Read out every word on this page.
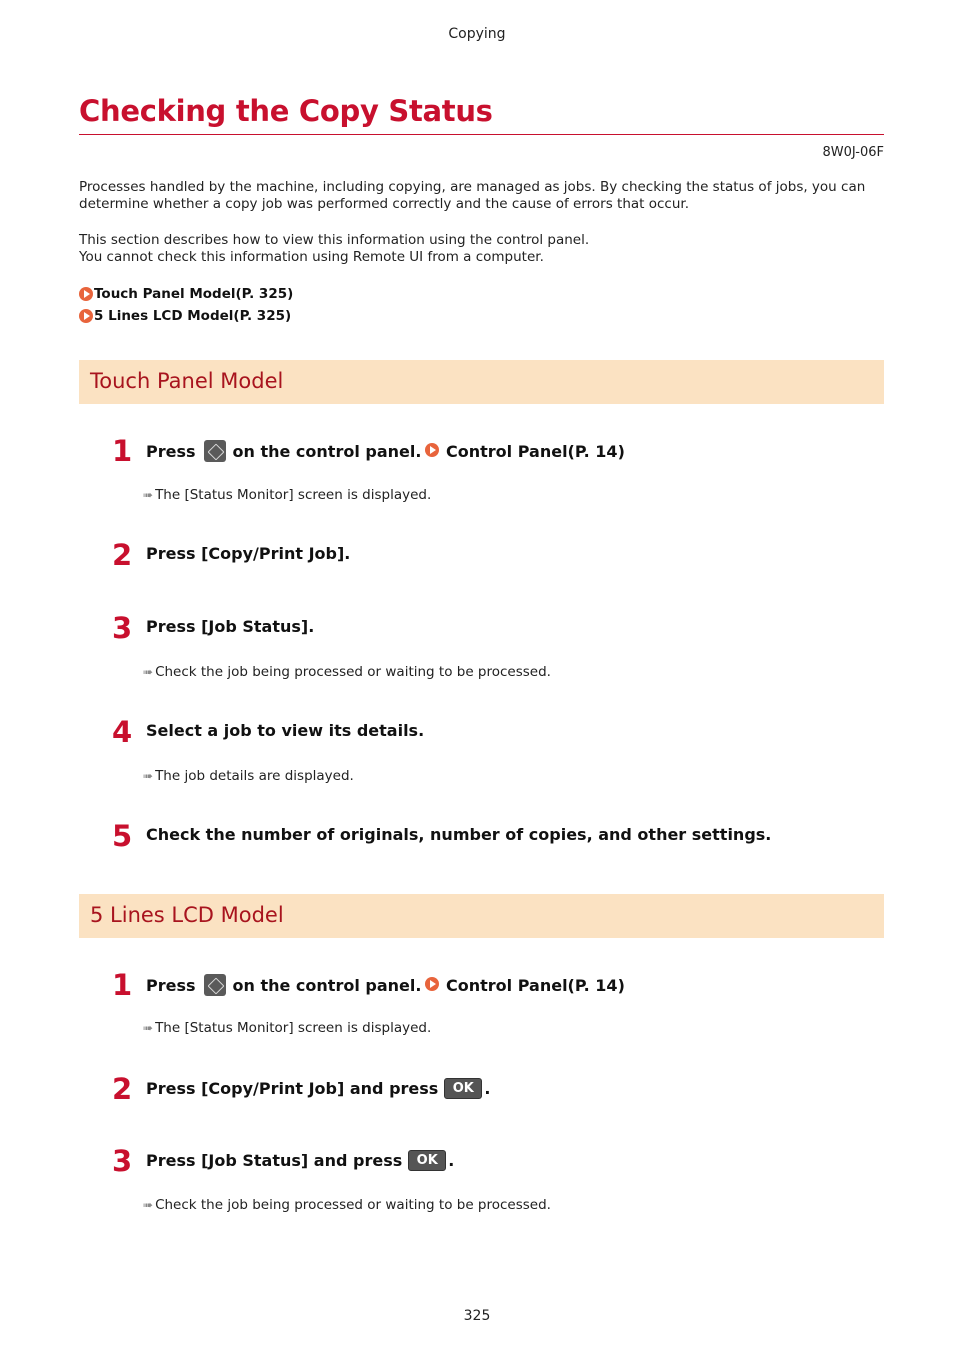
Copying
Checking the Copy Status
8W0J-06F

Processes handled by the machine, including copying, are managed as jobs. By checking the status of jobs, you can determine whether a copy job was performed correctly and the cause of errors that occur.

This section describes how to view this information using the control panel.

You cannot check this information using Remote UI from a computer.

Touch Panel Model(P. 325)
5 Lines LCD Model(P. 325)
Touch Panel Model
1 Press on the control panel.	Control Panel(P. 14)
➠ The [Status Monitor] screen is displayed.
2 Press [Copy/Print Job].
3 Press [Job Status].
➠ Check the job being processed or waiting to be processed.
4 Select a job to view its details.
➠ The job details are displayed.
5 Check the number of originals, number of copies, and other settings.
5 Lines LCD Model
1 Press on the control panel.	Control Panel(P. 14)
➠ The [Status Monitor] screen is displayed.
2 Press [Copy/Print Job] and press	OK .
3 Press [Job Status] and press	OK .
➠ Check the job being processed or waiting to be processed.
325
